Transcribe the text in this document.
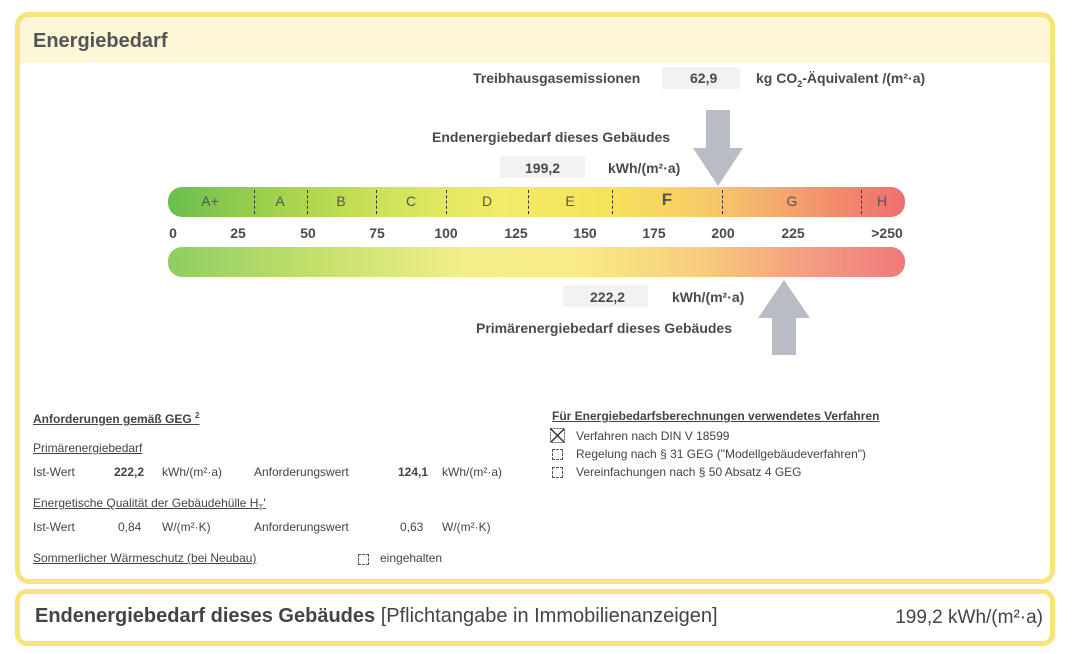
Energiebedarf
Treibhausgasemissionen	62,9	kg $CO_2$-Äquivalent /(m²·a)
Endenergiebedarf dieses Gebäudes
199,2	kWh/(m²·a)
A+	A	B	C	D	E	F	G	H
0	25	50	75	100	125	150	175	200	225	>250
222,2	kWh/(m²·a)
Primärenergiebedarf dieses Gebäudes
Anforderungen gemäß GEG $^2$
Primärenergiebedarf
Ist-Wert	222,2 kWh/(m²·a)	Anforderungswert	124,1 kWh/(m²·a)
Energetische Qualität der Gebäudehülle $H_T'$
Ist-Wert	0,84 W/(m²·K)	Anforderungswert	0,63 W/(m²·K)
Sommerlicher Wärmeschutz (bei Neubau)	eingehalten
Für Energiebedarfsberechnungen verwendetes Verfahren
Verfahren nach DIN V 18599
Regelung nach § 31 GEG ("Modellgebäudeverfahren")
Vereinfachungen nach § 50 Absatz 4 GEG
Endenergiebedarf dieses Gebäudes [Pflichtangabe in Immobilienanzeigen]	199,2 kWh/(m²·a)
